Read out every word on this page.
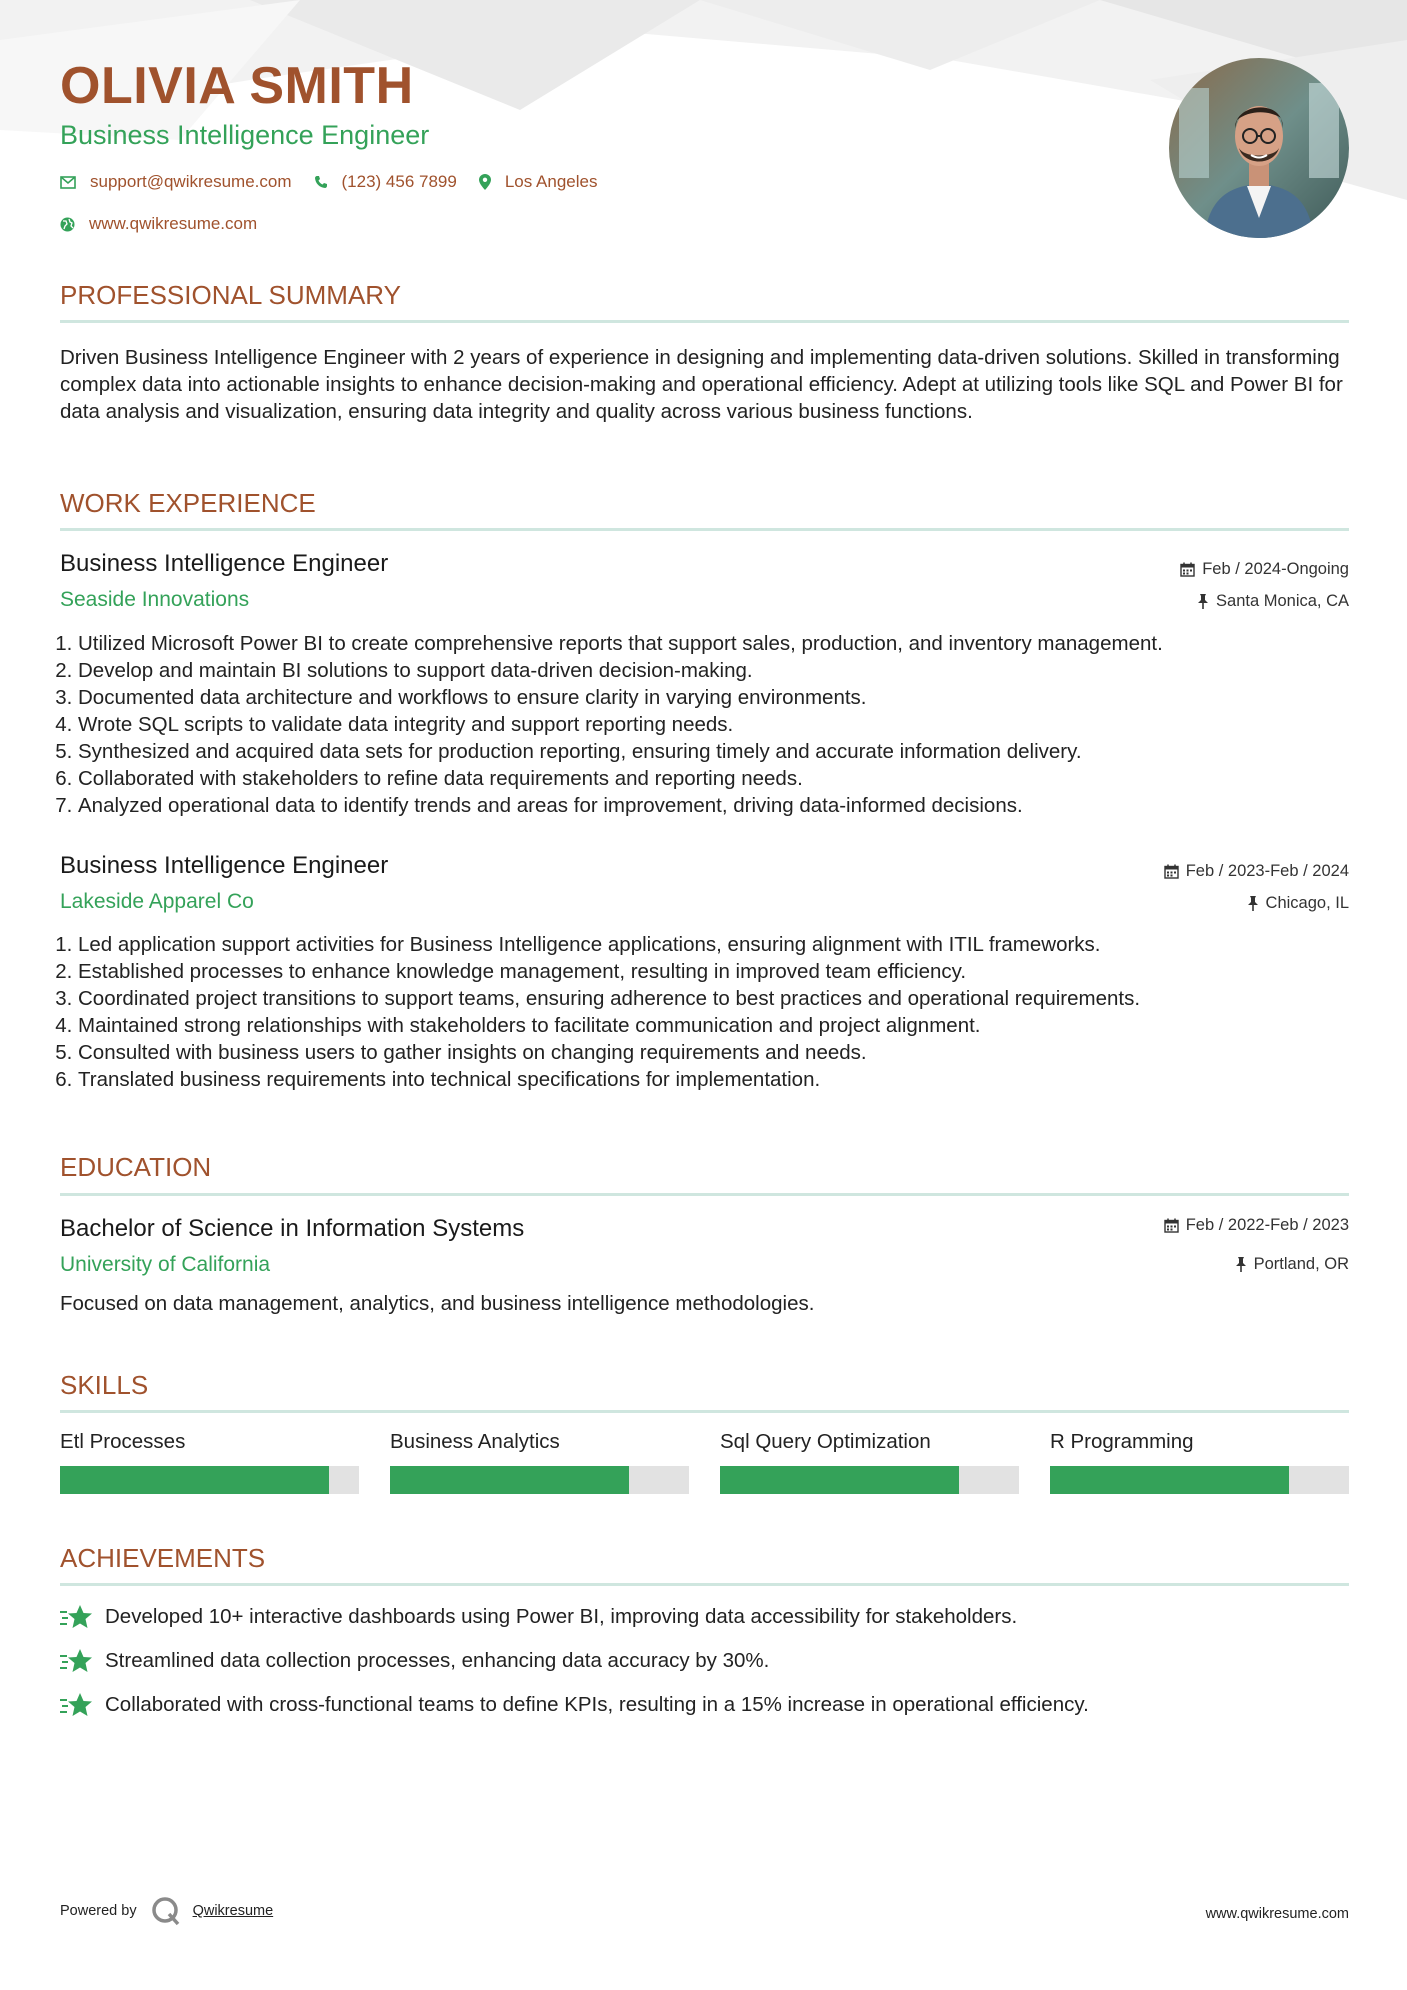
OLIVIA SMITH
Business Intelligence Engineer
support@qwikresume.com	(123) 456 7899	Los Angeles
www.qwikresume.com
PROFESSIONAL SUMMARY

Driven Business Intelligence Engineer with 2 years of experience in designing and implementing data-driven solutions. Skilled in transforming complex data into actionable insights to enhance decision-making and operational efficiency. Adept at utilizing tools like SQL and Power BI for data analysis and visualization, ensuring data integrity and quality across various business functions.

WORK EXPERIENCE
Business Intelligence Engineer	Feb / 2024-Ongoing
Seaside Innovations	Santa Monica, CA
1. Utilized Microsoft Power BI to create comprehensive reports that support sales, production, and inventory management.
2. Develop and maintain BI solutions to support data-driven decision-making.
3. Documented data architecture and workflows to ensure clarity in varying environments.
4. Wrote SQL scripts to validate data integrity and support reporting needs.
5. Synthesized and acquired data sets for production reporting, ensuring timely and accurate information delivery.
6. Collaborated with stakeholders to refine data requirements and reporting needs.
7. Analyzed operational data to identify trends and areas for improvement, driving data-informed decisions.
Business Intelligence Engineer	Feb / 2023-Feb / 2024
Lakeside Apparel Co	Chicago, IL
1. Led application support activities for Business Intelligence applications, ensuring alignment with ITIL frameworks.
2. Established processes to enhance knowledge management, resulting in improved team efficiency.
3. Coordinated project transitions to support teams, ensuring adherence to best practices and operational requirements.
4. Maintained strong relationships with stakeholders to facilitate communication and project alignment.
5. Consulted with business users to gather insights on changing requirements and needs.
6. Translated business requirements into technical specifications for implementation.
EDUCATION
Bachelor of Science in Information Systems	Feb / 2022-Feb / 2023
University of California	Portland, OR

Focused on data management, analytics, and business intelligence methodologies.

SKILLS
Etl Processes	Business Analytics	Sql Query Optimization	R Programming
ACHIEVEMENTS
Developed 10+ interactive dashboards using Power BI, improving data accessibility for stakeholders.
Streamlined data collection processes, enhancing data accuracy by 30%.
Collaborated with cross-functional teams to define KPIs, resulting in a 15% increase in operational efficiency.
Powered by	Qwikresume	www.qwikresume.com
